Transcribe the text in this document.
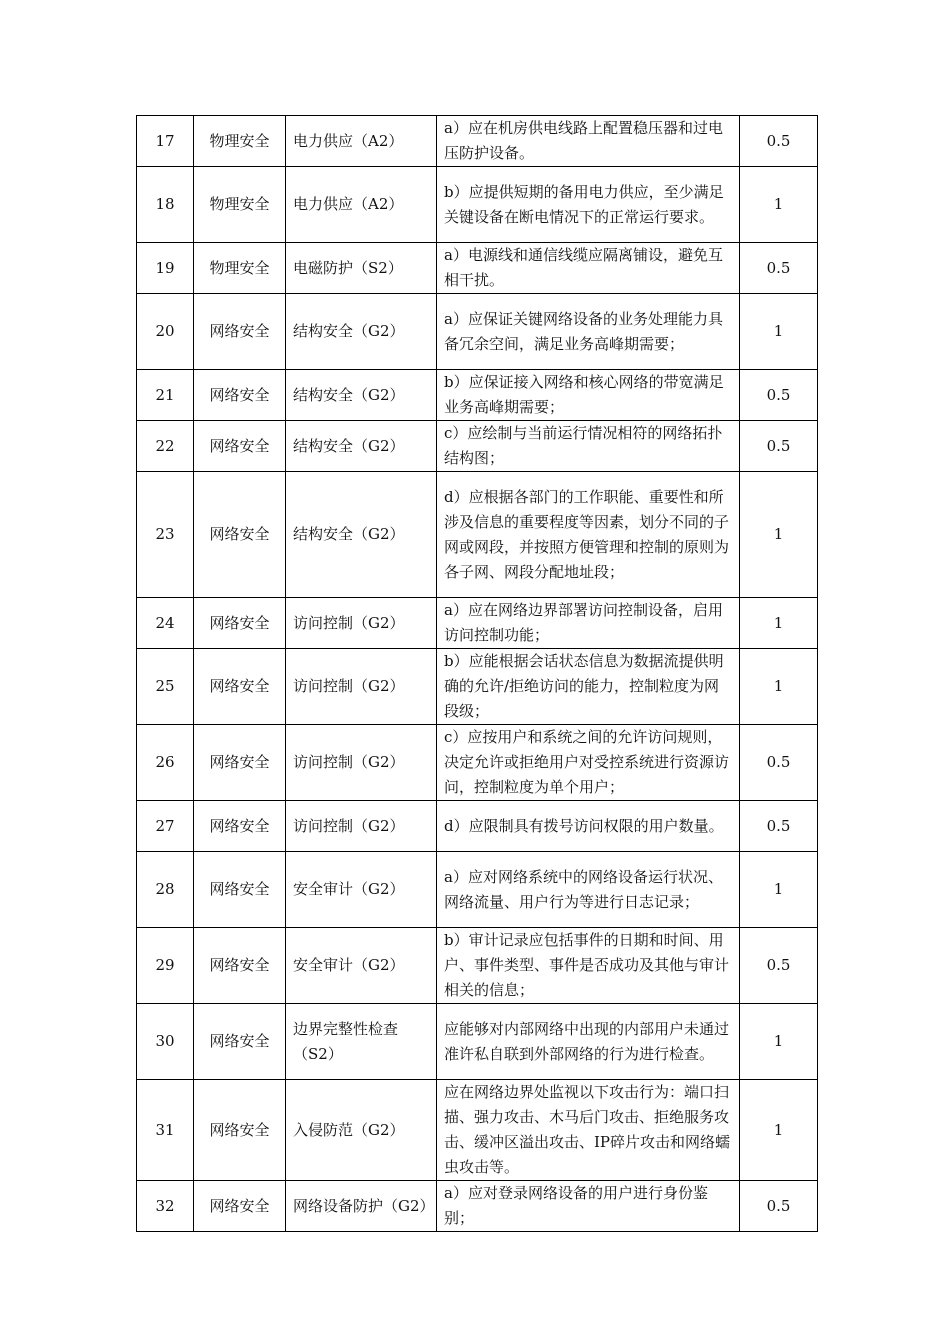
17	物理安全	电力供应（A2）	a）应在机房供电线路上配置稳压器和过电压防护设备。	0.5
18	物理安全	电力供应（A2）	b）应提供短期的备用电力供应，至少满足关键设备在断电情况下的正常运行要求。	1
19	物理安全	电磁防护（S2）	a）电源线和通信线缆应隔离铺设，避免互相干扰。	0.5
20	网络安全	结构安全（G2）	a）应保证关键网络设备的业务处理能力具备冗余空间，满足业务高峰期需要；	1
21	网络安全	结构安全（G2）	b）应保证接入网络和核心网络的带宽满足业务高峰期需要；	0.5
22	网络安全	结构安全（G2）	c）应绘制与当前运行情况相符的网络拓扑结构图；	0.5
23	网络安全	结构安全（G2）	d）应根据各部门的工作职能、重要性和所涉及信息的重要程度等因素，划分不同的子网或网段，并按照方便管理和控制的原则为各子网、网段分配地址段；	1
24	网络安全	访问控制（G2）	a）应在网络边界部署访问控制设备，启用访问控制功能；	1
25	网络安全	访问控制（G2）	b）应能根据会话状态信息为数据流提供明确的允许/拒绝访问的能力，控制粒度为网段级；	1
26	网络安全	访问控制（G2）	c）应按用户和系统之间的允许访问规则，决定允许或拒绝用户对受控系统进行资源访问，控制粒度为单个用户；	0.5
27	网络安全	访问控制（G2）	d）应限制具有拨号访问权限的用户数量。	0.5
28	网络安全	安全审计（G2）	a）应对网络系统中的网络设备运行状况、网络流量、用户行为等进行日志记录；	1
29	网络安全	安全审计（G2）	b）审计记录应包括事件的日期和时间、用户、事件类型、事件是否成功及其他与审计相关的信息；	0.5
30	网络安全	边界完整性检查（S2）	应能够对内部网络中出现的内部用户未通过准许私自联到外部网络的行为进行检查。	1
31	网络安全	入侵防范（G2）	应在网络边界处监视以下攻击行为：端口扫描、强力攻击、木马后门攻击、拒绝服务攻击、缓冲区溢出攻击、IP碎片攻击和网络蠕虫攻击等。	1
32	网络安全	网络设备防护（G2）	a）应对登录网络设备的用户进行身份鉴别；	0.5
